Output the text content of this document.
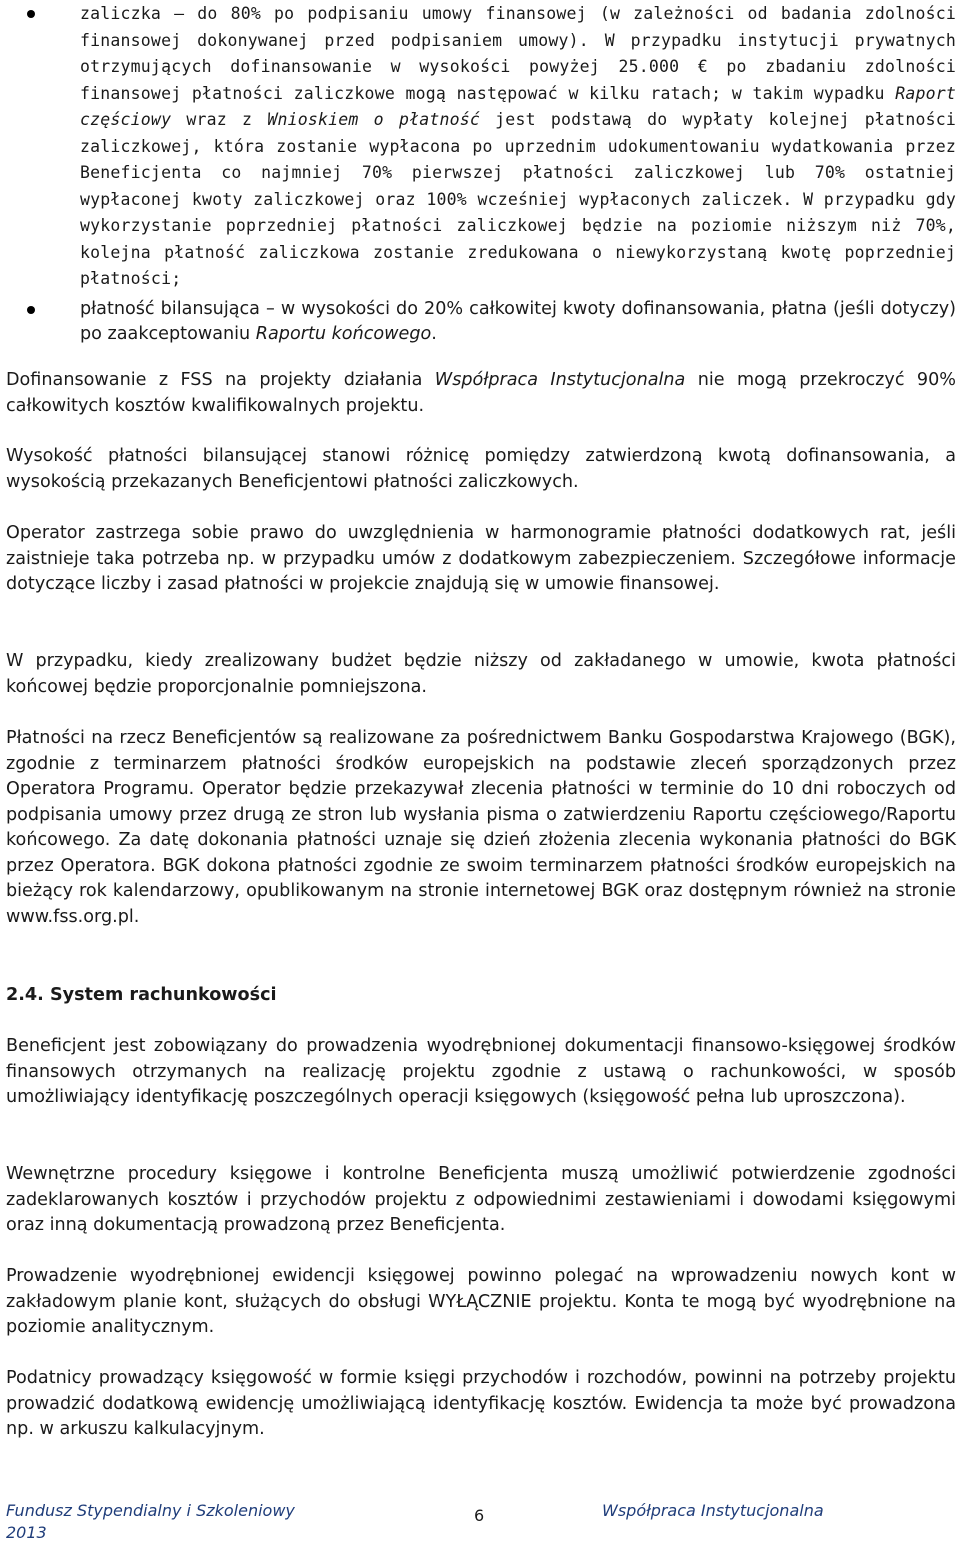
zaliczka – do 80% po podpisaniu umowy finansowej (w zależności od badania zdolności finansowej dokonywanej przed podpisaniem umowy). W przypadku instytucji prywatnych otrzymujących dofinansowanie w wysokości powyżej 25.000 € po zbadaniu zdolności finansowej płatności zaliczkowe mogą następować w kilku ratach; w takim wypadku Raport częściowy wraz z Wnioskiem o płatność jest podstawą do wypłaty kolejnej płatności zaliczkowej, która zostanie wypłacona po uprzednim udokumentowaniu wydatkowania przez Beneficjenta co najmniej 70% pierwszej płatności zaliczkowej lub 70% ostatniej wypłaconej kwoty zaliczkowej oraz 100% wcześniej wypłaconych zaliczek. W przypadku gdy wykorzystanie poprzedniej płatności zaliczkowej będzie na poziomie niższym niż 70%, kolejna płatność zaliczkowa zostanie zredukowana o niewykorzystaną kwotę poprzedniej płatności;
płatność bilansująca – w wysokości do 20% całkowitej kwoty dofinansowania, płatna (jeśli dotyczy) po zaakceptowaniu Raportu końcowego.

Dofinansowanie z FSS na projekty działania Współpraca Instytucjonalna nie mogą przekroczyć 90% całkowitych kosztów kwalifikowalnych projektu.

Wysokość płatności bilansującej stanowi różnicę pomiędzy zatwierdzoną kwotą dofinansowania, a wysokością przekazanych Beneficjentowi płatności zaliczkowych.

Operator zastrzega sobie prawo do uwzględnienia w harmonogramie płatności dodatkowych rat, jeśli zaistnieje taka potrzeba np. w przypadku umów z dodatkowym zabezpieczeniem. Szczegółowe informacje dotyczące liczby i zasad płatności w projekcie znajdują się w umowie finansowej.

W przypadku, kiedy zrealizowany budżet będzie niższy od zakładanego w umowie, kwota płatności końcowej będzie proporcjonalnie pomniejszona.

Płatności na rzecz Beneficjentów są realizowane za pośrednictwem Banku Gospodarstwa Krajowego (BGK), zgodnie z terminarzem płatności środków europejskich na podstawie zleceń sporządzonych przez Operatora Programu. Operator będzie przekazywał zlecenia płatności w terminie do 10 dni roboczych od podpisania umowy przez drugą ze stron lub wysłania pisma o zatwierdzeniu Raportu częściowego/Raportu końcowego. Za datę dokonania płatności uznaje się dzień złożenia zlecenia wykonania płatności do BGK przez Operatora. BGK dokona płatności zgodnie ze swoim terminarzem płatności środków europejskich na bieżący rok kalendarzowy, opublikowanym na stronie internetowej BGK oraz dostępnym również na stronie www.fss.org.pl.

2.4. System rachunkowości

Beneficjent jest zobowiązany do prowadzenia wyodrębnionej dokumentacji finansowo-księgowej środków finansowych otrzymanych na realizację projektu zgodnie z ustawą o rachunkowości, w sposób umożliwiający identyfikację poszczególnych operacji księgowych (księgowość pełna lub uproszczona).

Wewnętrzne procedury księgowe i kontrolne Beneficjenta muszą umożliwić potwierdzenie zgodności zadeklarowanych kosztów i przychodów projektu z odpowiednimi zestawieniami i dowodami księgowymi oraz inną dokumentacją prowadzoną przez Beneficjenta.

Prowadzenie wyodrębnionej ewidencji księgowej powinno polegać na wprowadzeniu nowych kont w zakładowym planie kont, służących do obsługi WYŁĄCZNIE projektu. Konta te mogą być wyodrębnione na poziomie analitycznym.

Podatnicy prowadzący księgowość w formie księgi przychodów i rozchodów, powinni na potrzeby projektu prowadzić dodatkową ewidencję umożliwiającą identyfikację kosztów. Ewidencja ta może być prowadzona np. w arkuszu kalkulacyjnym.

Fundusz Stypendialny i Szkoleniowy 2013
6	Współpraca Instytucjonalna
